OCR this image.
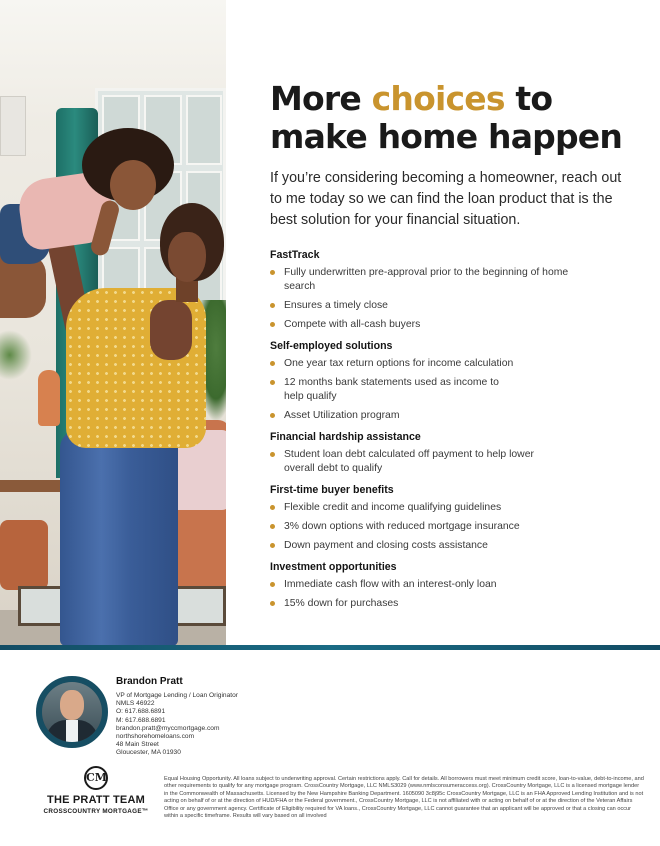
More choices to
make home happen

If you’re considering becoming a homeowner, reach out to me today so we can find the loan product that is the best solution for your financial situation.

FastTrack
Fully underwritten pre-approval prior to the beginning of home search
Ensures a timely close
Compete with all-cash buyers
Self-employed solutions
One year tax return options for income calculation
12 months bank statements used as income to help qualify
Asset Utilization program
Financial hardship assistance
Student loan debt calculated off payment to help lower overall debt to qualify
First-time buyer benefits
Flexible credit and income qualifying guidelines
3% down options with reduced mortgage insurance
Down payment and closing costs assistance
Investment opportunities
Immediate cash flow with an interest-only loan
15% down for purchases
Brandon Pratt
VP of Mortgage Lending / Loan Originator
NMLS 46922
O: 617.688.6891
M: 617.688.6891
brandon.pratt@myccmortgage.com
northshorehomeloans.com
48 Main Street
Gloucester, MA 01930
CM
THE PRATT TEAM
CROSSCOUNTRY MORTGAGE™

Equal Housing Opportunity. All loans subject to underwriting approval. Certain restrictions apply. Call for details. All borrowers must meet minimum credit score, loan-to-value, debt-to-income, and other requirements to qualify for any mortgage program. CrossCountry Mortgage, LLC NMLS3029 (www.nmlsconsumeraccess.org). CrossCountry Mortgage, LLC is a licensed mortgage lender in the Commonwealth of Massachusetts. Licensed by the New Hampshire Banking Department. 1605090 3c8j95c CrossCountry Mortgage, LLC is an FHA Approved Lending Institution and is not acting on behalf of or at the direction of HUD/FHA or the Federal government., CrossCountry Mortgage, LLC is not affiliated with or acting on behalf of or at the direction of the Veteran Affairs Office or any government agency. Certificate of Eligibility required for VA loans., CrossCountry Mortgage, LLC cannot guarantee that an applicant will be approved or that a closing can occur within a specific timeframe. Results will vary based on all involved
